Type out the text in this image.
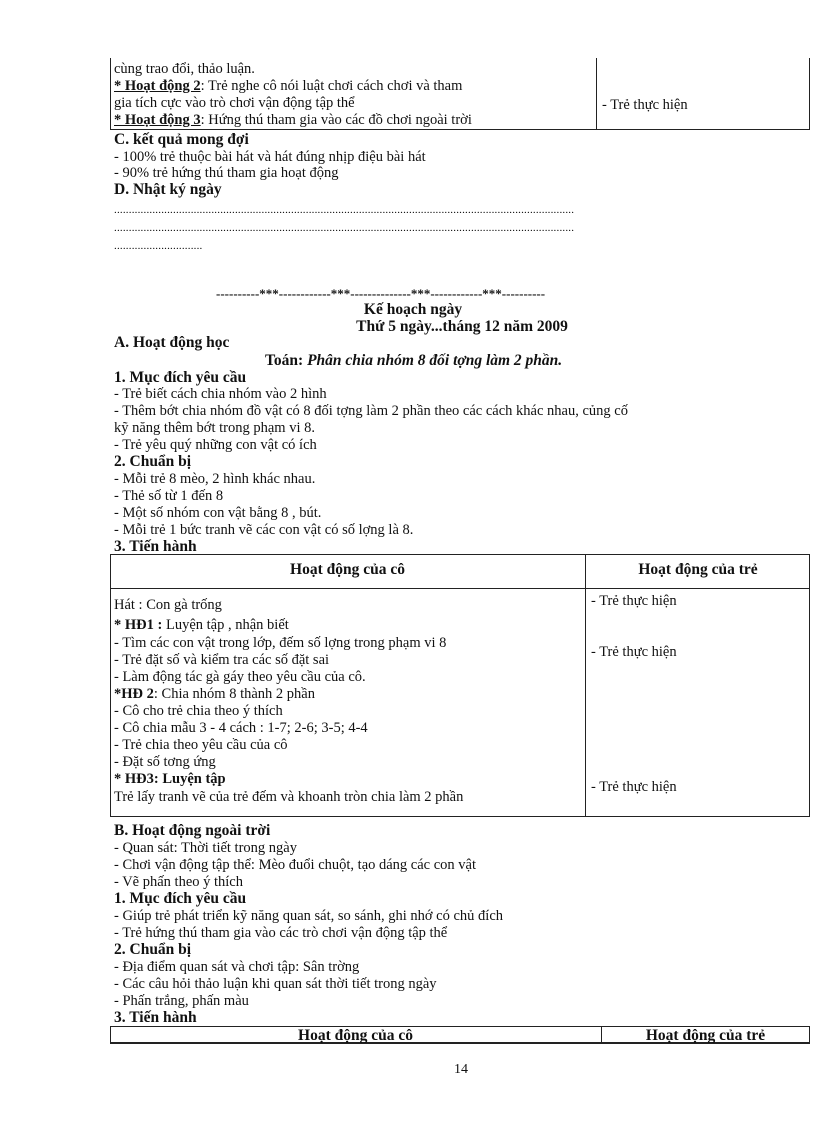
cùng trao đổi, thảo luận.
* Hoạt động 2: Trẻ nghe cô nói luật chơi cách chơi và tham
gia tích cực vào trò chơi vận động tập thể
* Hoạt động 3: Hứng thú tham gia vào các đồ chơi ngoài trời
- Trẻ thực hiện
C. kết quả mong đợi
- 100% trẻ thuộc bài hát và hát đúng nhịp điệu bài hát
- 90% trẻ hứng thú tham gia hoạt động
D. Nhật ký ngày
............................................................................................................................................................
............................................................................................................................................................
..............................
----------***------------***--------------***------------***----------
Kế hoạch ngày
Thứ 5 ngày...tháng 12 năm 2009
A. Hoạt động học
Toán: Phân chia nhóm 8 đối tợng làm 2 phần.
1. Mục đích yêu cầu
- Trẻ biết cách chia nhóm vào 2 hình
- Thêm bớt chia nhóm đồ vật có 8 đối tợng làm 2 phần theo các cách khác nhau, củng cố
kỹ năng thêm bớt trong phạm vi 8.
- Trẻ yêu quý những con vật có ích
2. Chuẩn bị
- Mỗi trẻ 8 mèo, 2 hình khác nhau.
- Thẻ số từ 1 đến 8
- Một số nhóm con vật bằng 8 , bút.
- Mỗi trẻ 1 bức tranh vẽ các con vật có số lợng là 8.
3. Tiến hành
Hoạt động của cô	Hoạt động của trẻ
Hát : Con gà trống
* HĐ1 : Luyện tập , nhận biết
- Tìm các con vật trong lớp, đếm số lợng trong phạm vi 8
- Trẻ đặt số và kiểm tra các số đặt sai
- Làm động tác gà gáy theo yêu cầu của cô.
*HĐ 2: Chia nhóm 8 thành 2 phần
- Cô cho trẻ chia theo ý thích
- Cô chia mẫu 3 - 4 cách : 1-7; 2-6; 3-5; 4-4
- Trẻ chia theo yêu cầu của cô
- Đặt số tơng ứng
* HĐ3: Luyện tập
Trẻ lấy tranh vẽ của trẻ đếm và khoanh tròn chia làm 2 phần
- Trẻ thực hiện
- Trẻ thực hiện
- Trẻ thực hiện
B. Hoạt động ngoài trời
- Quan sát: Thời tiết trong ngày
- Chơi vận động tập thể: Mèo đuổi chuột, tạo dáng các con vật
- Vẽ phấn theo ý thích
1. Mục đích yêu cầu
- Giúp trẻ phát triển kỹ năng quan sát, so sánh, ghi nhớ có chủ đích
- Trẻ hứng thú tham gia vào các trò chơi vận động tập thể
2. Chuẩn bị
- Địa điểm quan sát và chơi tập: Sân trờng
- Các câu hỏi thảo luận khi quan sát thời tiết trong ngày
- Phấn trắng, phấn màu
3. Tiến hành
Hoạt động của cô	Hoạt động của trẻ
14
